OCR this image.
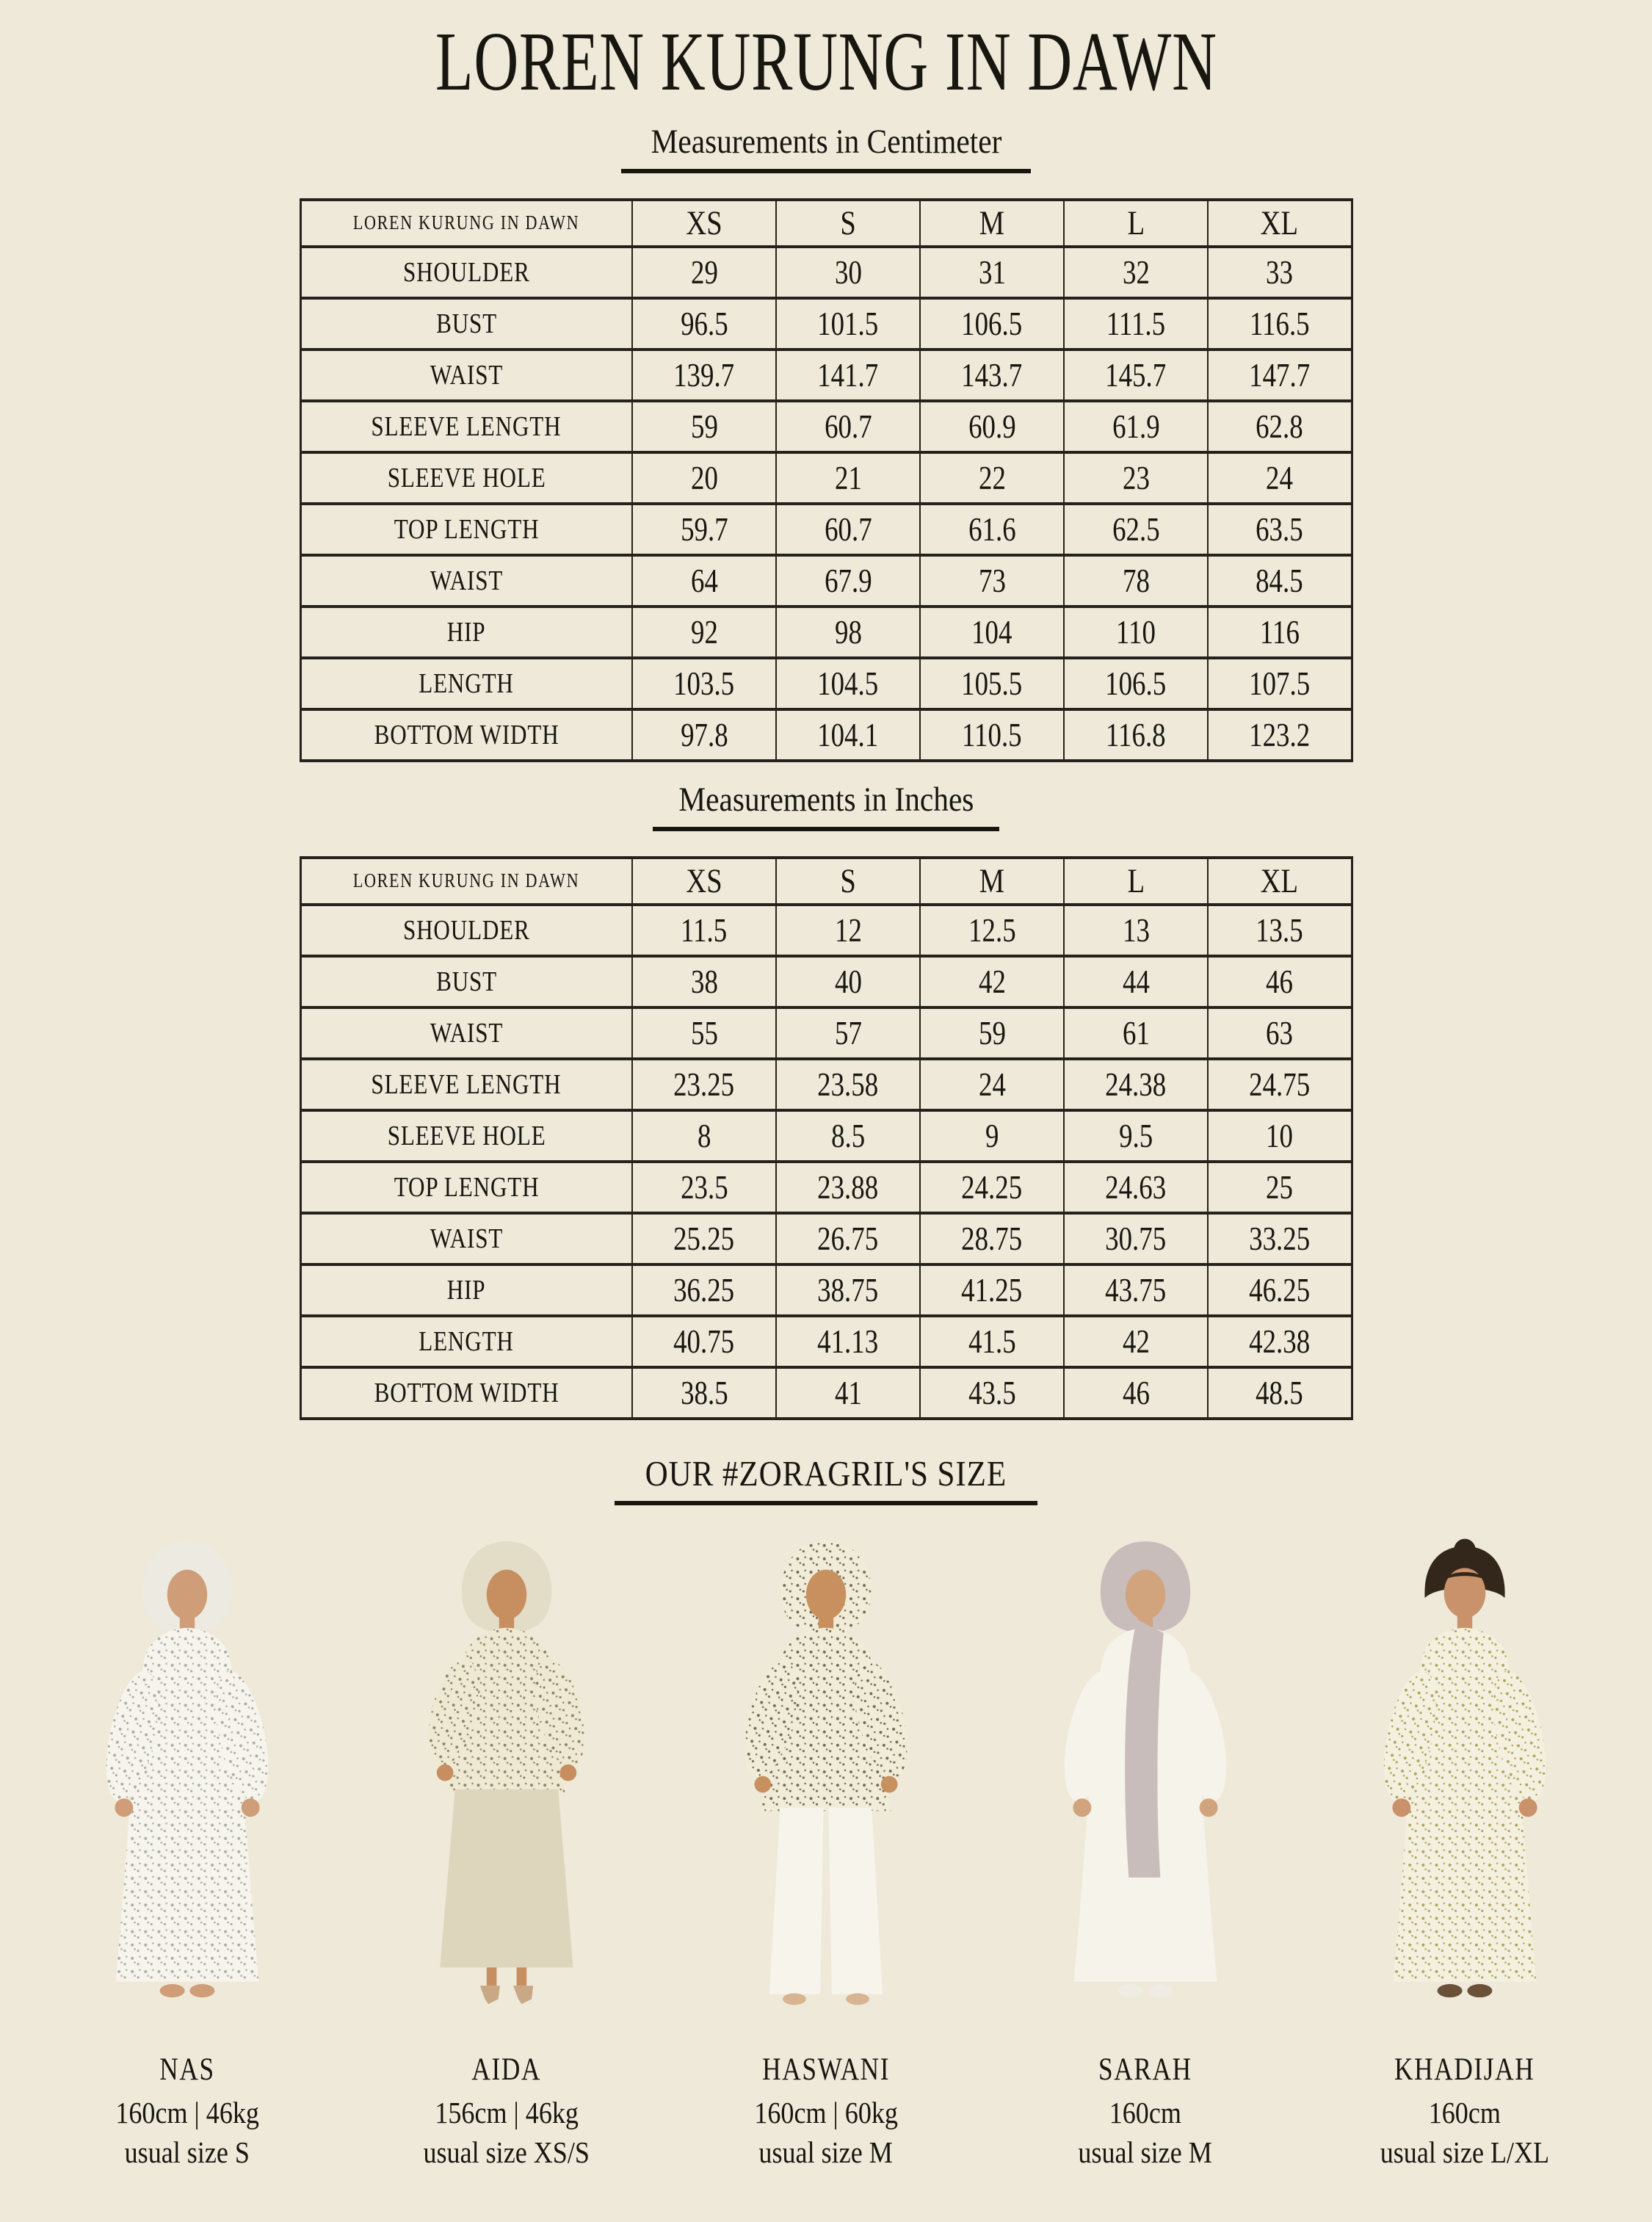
LOREN KURUNG IN DAWN
Measurements in Centimeter
LOREN KURUNG IN DAWN	XS	S	M	L	XL
SHOULDER	29	30	31	32	33
BUST	96.5	101.5	106.5	111.5	116.5
WAIST	139.7	141.7	143.7	145.7	147.7
SLEEVE LENGTH	59	60.7	60.9	61.9	62.8
SLEEVE HOLE	20	21	22	23	24
TOP LENGTH	59.7	60.7	61.6	62.5	63.5
WAIST	64	67.9	73	78	84.5
HIP	92	98	104	110	116
LENGTH	103.5	104.5	105.5	106.5	107.5
BOTTOM WIDTH	97.8	104.1	110.5	116.8	123.2
Measurements in Inches
LOREN KURUNG IN DAWN	XS	S	M	L	XL
SHOULDER	11.5	12	12.5	13	13.5
BUST	38	40	42	44	46
WAIST	55	57	59	61	63
SLEEVE LENGTH	23.25	23.58	24	24.38	24.75
SLEEVE HOLE	8	8.5	9	9.5	10
TOP LENGTH	23.5	23.88	24.25	24.63	25
WAIST	25.25	26.75	28.75	30.75	33.25
HIP	36.25	38.75	41.25	43.75	46.25
LENGTH	40.75	41.13	41.5	42	42.38
BOTTOM WIDTH	38.5	41	43.5	46	48.5
OUR #ZORAGRIL'S SIZE
NAS
160cm | 46kg
usual size S
AIDA
156cm | 46kg
usual size XS/S
HASWANI
160cm | 60kg
usual size M
SARAH
160cm
usual size M
KHADIJAH
160cm
usual size L/XL
